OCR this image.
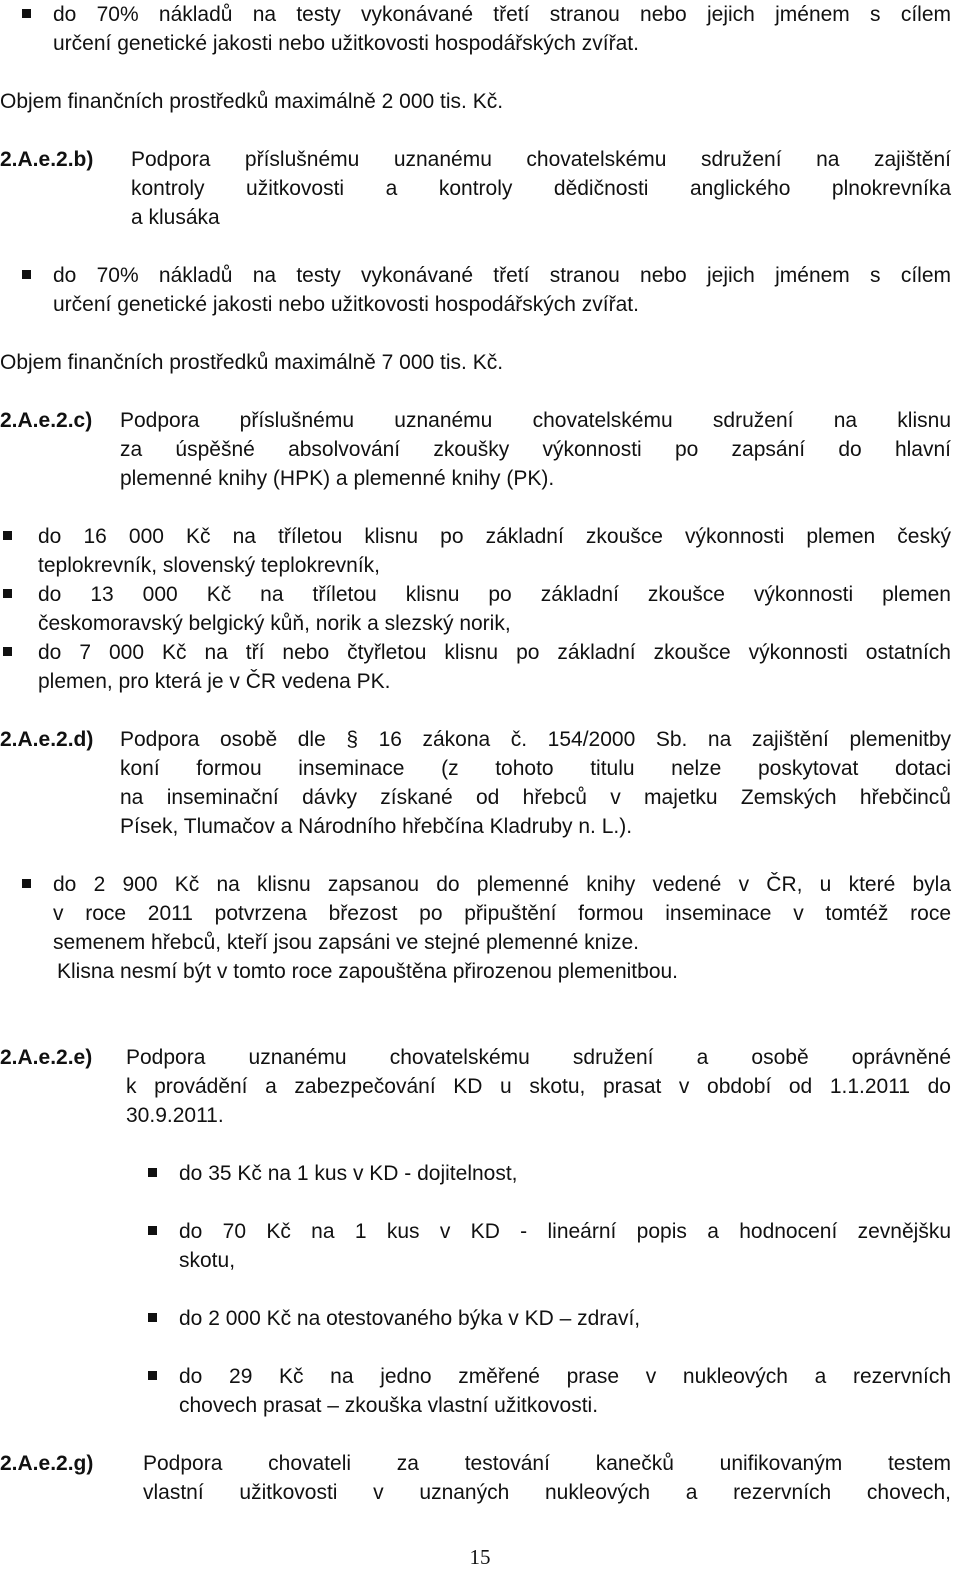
do 70% nákladů na testy vykonávané třetí stranou nebo jejich jménem s cílem
určení genetické jakosti nebo užitkovosti hospodářských zvířat.
Objem finančních prostředků maximálně 2 000 tis. Kč.
2.A.e.2.b) Podpora příslušnému uznanému chovatelskému sdružení na zajištění
kontroly užitkovosti a kontroly dědičnosti anglického plnokrevníka
a klusáka
do 70% nákladů na testy vykonávané třetí stranou nebo jejich jménem s cílem
určení genetické jakosti nebo užitkovosti hospodářských zvířat.
Objem finančních prostředků maximálně 7 000 tis. Kč.
2.A.e.2.c) Podpora příslušnému uznanému chovatelskému sdružení na klisnu
za úspěšné absolvování zkoušky výkonnosti po zapsání do hlavní
plemenné knihy (HPK) a plemenné knihy (PK).
do 16 000 Kč na tříletou klisnu po základní zkoušce výkonnosti plemen český
teplokrevník, slovenský teplokrevník,
do 13 000 Kč na tříletou klisnu po základní zkoušce výkonnosti plemen
českomoravský belgický kůň, norik a slezský norik,
do 7 000 Kč na tří nebo čtyřletou klisnu po základní zkoušce výkonnosti ostatních
plemen, pro která je v ČR vedena PK.
2.A.e.2.d) Podpora osobě dle § 16 zákona č. 154/2000 Sb. na zajištění plemenitby
koní formou inseminace (z tohoto titulu nelze poskytovat dotaci
na inseminační dávky získané od hřebců v majetku Zemských hřebčinců
Písek, Tlumačov a Národního hřebčína Kladruby n. L.).
do 2 900 Kč na klisnu zapsanou do plemenné knihy vedené v ČR, u které byla
v roce 2011 potvrzena březost po připuštění formou inseminace v tomtéž roce
semenem hřebců, kteří jsou zapsáni ve stejné plemenné knize.
Klisna nesmí být v tomto roce zapouštěna přirozenou plemenitbou.
2.A.e.2.e) Podpora uznanému chovatelskému sdružení a osobě oprávněné
k provádění a zabezpečování KD u skotu, prasat v období od 1.1.2011 do
30.9.2011.
do 35 Kč na 1 kus v KD - dojitelnost,
do 70 Kč na 1 kus v KD - lineární popis a hodnocení zevnějšku
skotu,
do 2 000 Kč na otestovaného býka v KD – zdraví,
do 29 Kč na jedno změřené prase v nukleových a rezervních
chovech prasat – zkouška vlastní užitkovosti.
2.A.e.2.g) Podpora chovateli za testování kanečků unifikovaným testem
vlastní užitkovosti v uznaných nukleových a rezervních chovech,
15
